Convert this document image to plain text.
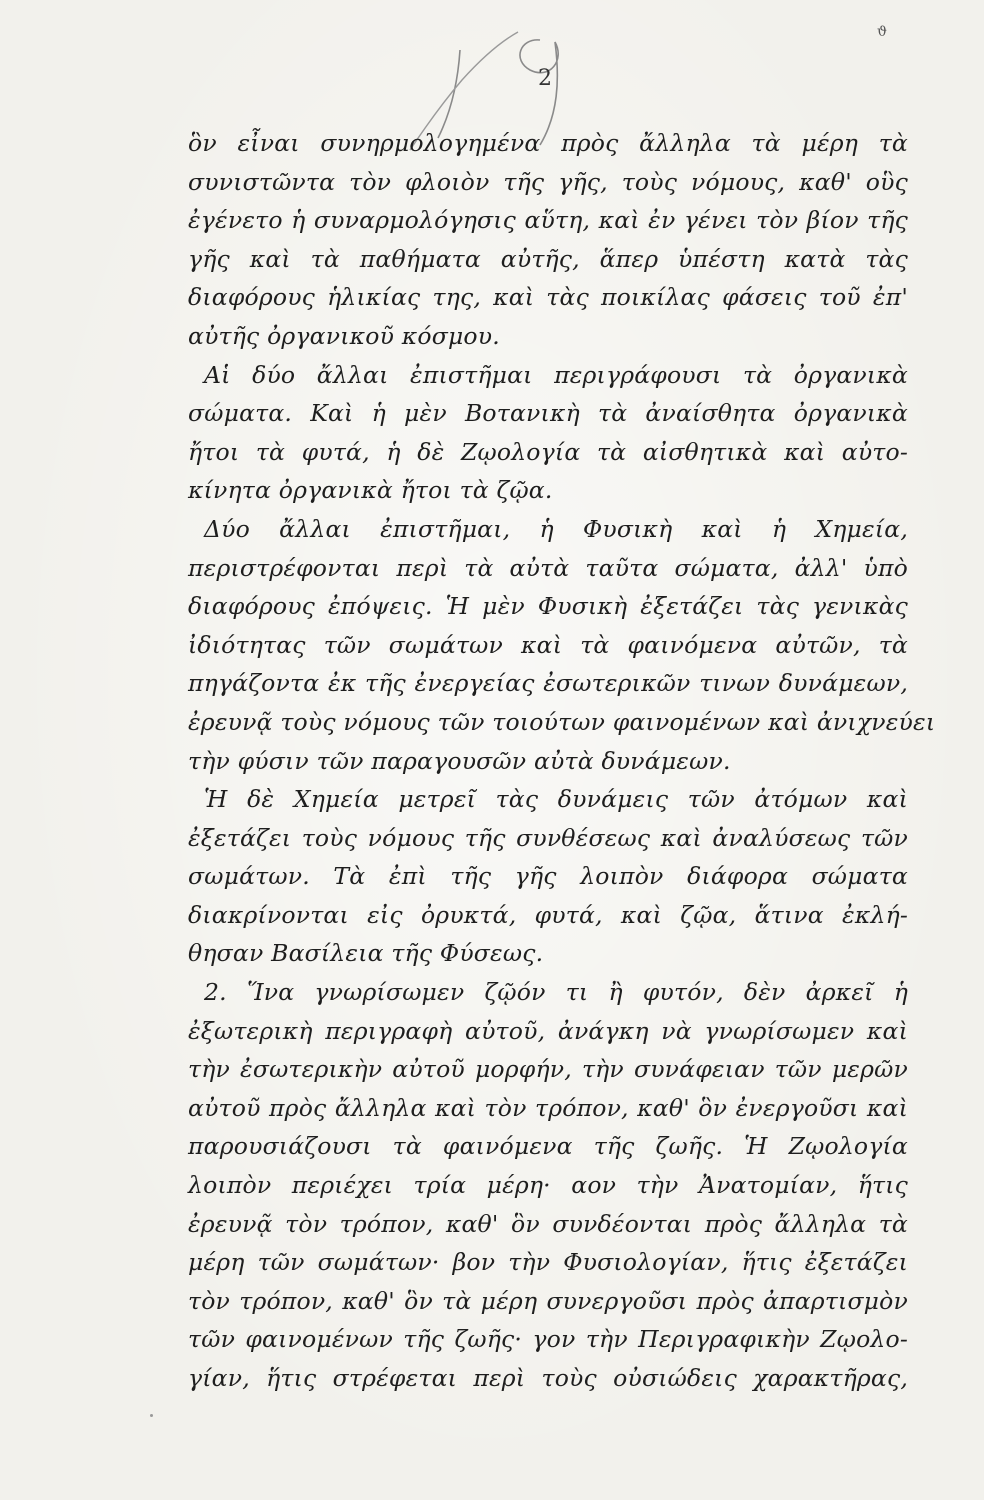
ϑ
2
ὃν εἶναι συνηρμολογημένα πρὸς ἄλληλα τὰ μέρη τὰ
συνιστῶντα τὸν φλοιὸν τῆς γῆς, τοὺς νόμους, καθ' οὓς
ἐγένετο ἡ συναρμολόγησις αὕτη, καὶ ἐν γένει τὸν βίον τῆς
γῆς καὶ τὰ παθήματα αὐτῆς, ἅπερ ὑπέστη κατὰ τὰς
διαφόρους ἡλικίας της, καὶ τὰς ποικίλας φάσεις τοῦ ἐπ'
αὐτῆς ὀργανικοῦ κόσμου.
Αἱ δύο ἄλλαι ἐπιστῆμαι περιγράφουσι τὰ ὀργανικὰ
σώματα. Καὶ ἡ μὲν Βοτανικὴ τὰ ἀναίσθητα ὀργανικὰ
ἤτοι τὰ φυτά, ἡ δὲ Ζῳολογία τὰ αἰσθητικὰ καὶ αὐτο-
κίνητα ὀργανικὰ ἤτοι τὰ ζῷα.
Δύο ἄλλαι ἐπιστῆμαι, ἡ Φυσικὴ καὶ ἡ Χημεία,
περιστρέφονται περὶ τὰ αὐτὰ ταῦτα σώματα, ἀλλ' ὑπὸ
διαφόρους ἐπόψεις. Ἡ μὲν Φυσικὴ ἐξετάζει τὰς γενικὰς
ἰδιότητας τῶν σωμάτων καὶ τὰ φαινόμενα αὐτῶν, τὰ
πηγάζοντα ἐκ τῆς ἐνεργείας ἐσωτερικῶν τινων δυνάμεων,
ἐρευνᾷ τοὺς νόμους τῶν τοιούτων φαινομένων καὶ ἀνιχνεύει
τὴν φύσιν τῶν παραγουσῶν αὐτὰ δυνάμεων.
Ἡ δὲ Χημεία μετρεῖ τὰς δυνάμεις τῶν ἀτόμων καὶ
ἐξετάζει τοὺς νόμους τῆς συνθέσεως καὶ ἀναλύσεως τῶν
σωμάτων. Τὰ ἐπὶ τῆς γῆς λοιπὸν διάφορα σώματα
διακρίνονται εἰς ὀρυκτά, φυτά, καὶ ζῷα, ἅτινα ἐκλή-
θησαν Βασίλεια τῆς Φύσεως.
2. Ἵνα γνωρίσωμεν ζῷόν τι ἢ φυτόν, δὲν ἀρκεῖ ἡ
ἐξωτερικὴ περιγραφὴ αὐτοῦ, ἀνάγκη νὰ γνωρίσωμεν καὶ
τὴν ἐσωτερικὴν αὐτοῦ μορφήν, τὴν συνάφειαν τῶν μερῶν
αὐτοῦ πρὸς ἄλληλα καὶ τὸν τρόπον, καθ' ὃν ἐνεργοῦσι καὶ
παρουσιάζουσι τὰ φαινόμενα τῆς ζωῆς. Ἡ Ζῳολογία
λοιπὸν περιέχει τρία μέρη· αον τὴν Ἀνατομίαν, ἥτις
ἐρευνᾷ τὸν τρόπον, καθ' ὃν συνδέονται πρὸς ἄλληλα τὰ
μέρη τῶν σωμάτων· βον τὴν Φυσιολογίαν, ἥτις ἐξετάζει
τὸν τρόπον, καθ' ὃν τὰ μέρη συνεργοῦσι πρὸς ἀπαρτισμὸν
τῶν φαινομένων τῆς ζωῆς· γον τὴν Περιγραφικὴν Ζῳολο-
γίαν, ἥτις στρέφεται περὶ τοὺς οὐσιώδεις χαρακτῆρας,
